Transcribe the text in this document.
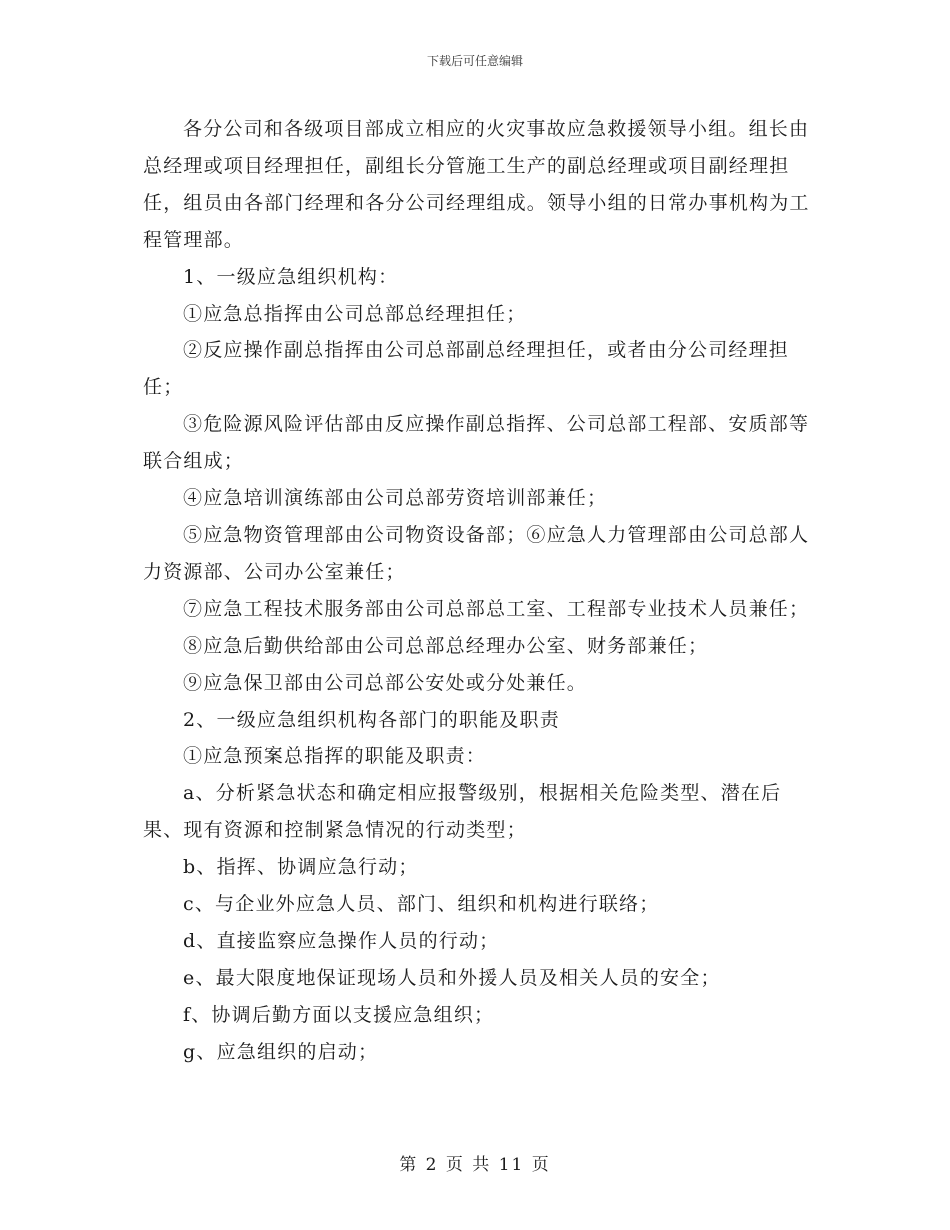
下载后可任意编辑

各分公司和各级项目部成立相应的火灾事故应急救援领导小组。组长由总经理或项目经理担任，副组长分管施工生产的副总经理或项目副经理担任，组员由各部门经理和各分公司经理组成。领导小组的日常办事机构为工程管理部。

1、一级应急组织机构：

①应急总指挥由公司总部总经理担任；

②反应操作副总指挥由公司总部副总经理担任，或者由分公司经理担任；

③危险源风险评估部由反应操作副总指挥、公司总部工程部、安质部等联合组成；

④应急培训演练部由公司总部劳资培训部兼任；

⑤应急物资管理部由公司物资设备部；⑥应急人力管理部由公司总部人力资源部、公司办公室兼任；

⑦应急工程技术服务部由公司总部总工室、工程部专业技术人员兼任；

⑧应急后勤供给部由公司总部总经理办公室、财务部兼任；

⑨应急保卫部由公司总部公安处或分处兼任。

2、一级应急组织机构各部门的职能及职责

①应急预案总指挥的职能及职责：

a、分析紧急状态和确定相应报警级别，根据相关危险类型、潜在后果、现有资源和控制紧急情况的行动类型；

b、指挥、协调应急行动；

c、与企业外应急人员、部门、组织和机构进行联络；

d、直接监察应急操作人员的行动；

e、最大限度地保证现场人员和外援人员及相关人员的安全；

f、协调后勤方面以支援应急组织；

g、应急组织的启动；

第 2 页 共 11 页
